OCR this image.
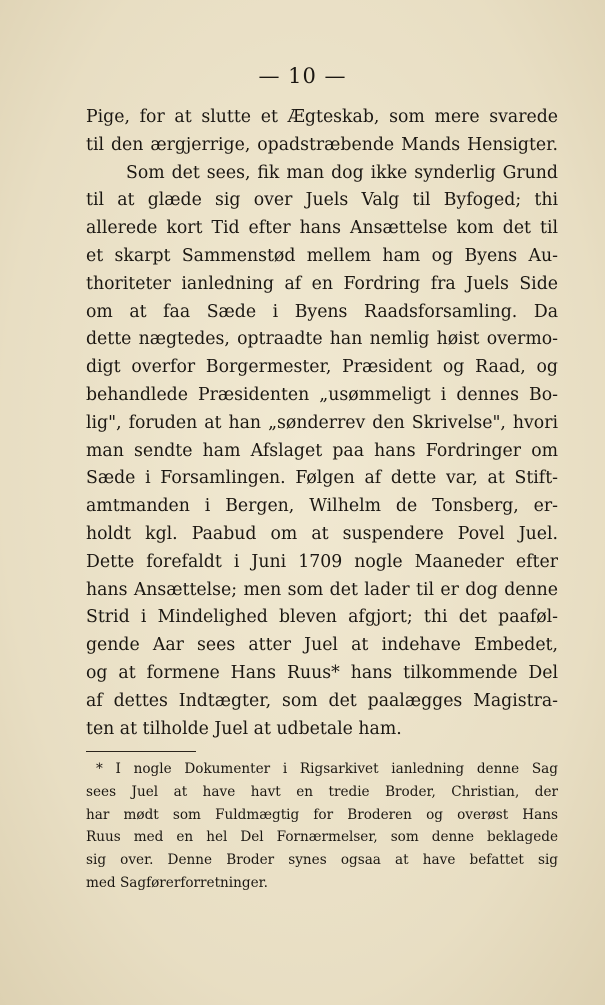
— 10 —
Pige, for at slutte et Ægteskab, som mere svarede
til den ærgjerrige, opadstræbende Mands Hensigter.
Som det sees, fik man dog ikke synderlig Grund
til at glæde sig over Juels Valg til Byfoged; thi
allerede kort Tid efter hans Ansættelse kom det til
et skarpt Sammenstød mellem ham og Byens Au-
thoriteter ianledning af en Fordring fra Juels Side
om at faa Sæde i Byens Raadsforsamling. Da
dette nægtedes, optraadte han nemlig høist overmo-
digt overfor Borgermester, Præsident og Raad, og
behandlede Præsidenten „usømmeligt i dennes Bo-
lig", foruden at han „sønderrev den Skrivelse", hvori
man sendte ham Afslaget paa hans Fordringer om
Sæde i Forsamlingen. Følgen af dette var, at Stift-
amtmanden i Bergen, Wilhelm de Tonsberg, er-
holdt kgl. Paabud om at suspendere Povel Juel.
Dette forefaldt i Juni 1709 nogle Maaneder efter
hans Ansættelse; men som det lader til er dog denne
Strid i Mindelighed bleven afgjort; thi det paaføl-
gende Aar sees atter Juel at indehave Embedet,
og at formene Hans Ruus* hans tilkommende Del
af dettes Indtægter, som det paalægges Magistra-
ten at tilholde Juel at udbetale ham.
* I nogle Dokumenter i Rigsarkivet ianledning denne Sag
sees Juel at have havt en tredie Broder, Christian, der
har mødt som Fuldmægtig for Broderen og overøst Hans
Ruus med en hel Del Fornærmelser, som denne beklagede
sig over. Denne Broder synes ogsaa at have befattet sig
med Sagførerforretninger.
